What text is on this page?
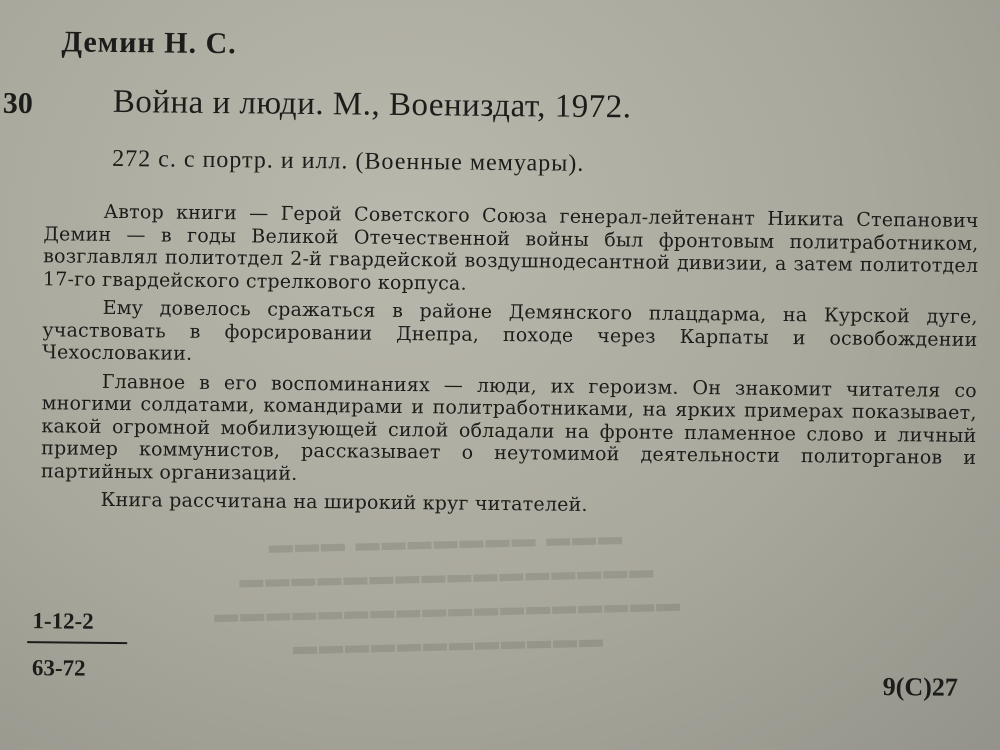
▬▬▬ ▬▬▬▬▬▬▬ ▬▬▬
▬▬▬▬▬▬▬▬▬▬▬▬▬▬▬▬
▬▬▬▬▬▬▬▬▬▬▬▬▬▬▬▬▬▬
▬▬▬▬▬▬▬▬▬▬▬▬
Демин Н. С.
30 Война и люди. М., Воениздат, 1972.
272 с. с портр. и илл. (Военные мемуары).

Автор книги — Герой Советского Союза генерал-лейтенант Никита Степанович Демин — в годы Великой Отечественной войны был фронтовым политработником, возглавлял политотдел 2-й гвардейской воздушнодесантной дивизии, а затем политотдел 17-го гвардейского стрелкового корпуса.

Ему довелось сражаться в районе Демянского плацдарма, на Курской дуге, участвовать в форсировании Днепра, походе через Карпаты и освобождении Чехословакии.

Главное в его воспоминаниях — люди, их героизм. Он знакомит читателя со многими солдатами, командирами и политработниками, на ярких примерах показывает, какой огромной мобилизующей силой обладали на фронте пламенное слово и личный пример коммунистов, рассказывает о неутомимой деятельности политорганов и партийных организаций.

Книга рассчитана на широкий круг читателей.

1-12-2
63-72
9(С)27
